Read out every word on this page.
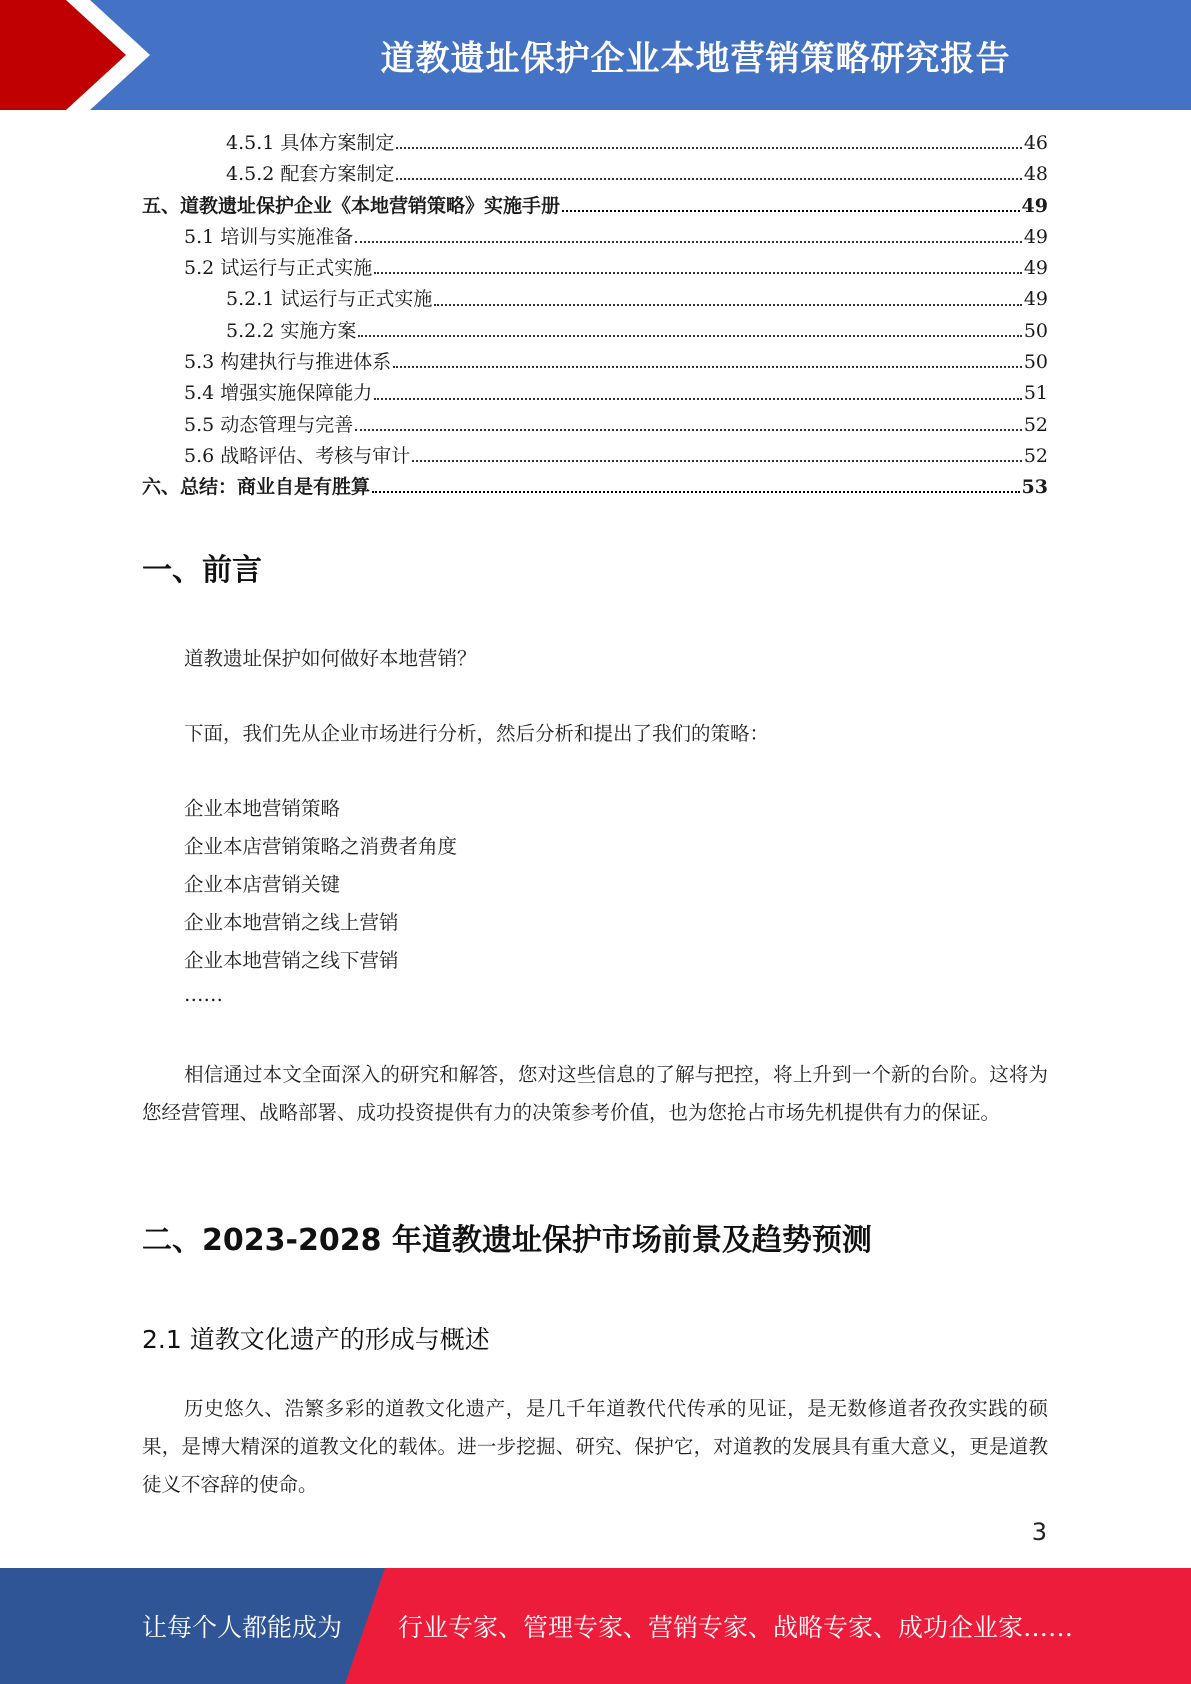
道教遗址保护企业本地营销策略研究报告
4.5.1 具体方案制定	46
4.5.2 配套方案制定	48
五、道教遗址保护企业《本地营销策略》实施手册	49
5.1 培训与实施准备	49
5.2 试运行与正式实施	49
5.2.1 试运行与正式实施	49
5.2.2 实施方案	50
5.3 构建执行与推进体系	50
5.4 增强实施保障能力	51
5.5 动态管理与完善	52
5.6 战略评估、考核与审计	52
六、总结：商业自是有胜算	53
一、前言
道教遗址保护如何做好本地营销？
下面，我们先从企业市场进行分析，然后分析和提出了我们的策略：
企业本地营销策略
企业本店营销策略之消费者角度
企业本店营销关键
企业本地营销之线上营销
企业本地营销之线下营销
……

相信通过本文全面深入的研究和解答，您对这些信息的了解与把控，将上升到一个新的台阶。这将为您经营管理、战略部署、成功投资提供有力的决策参考价值，也为您抢占市场先机提供有力的保证。

二、2023-2028 年道教遗址保护市场前景及趋势预测
2.1 道教文化遗产的形成与概述

历史悠久、浩繁多彩的道教文化遗产，是几千年道教代代传承的见证，是无数修道者孜孜实践的硕果，是博大精深的道教文化的载体。进一步挖掘、研究、保护它，对道教的发展具有重大意义，更是道教徒义不容辞的使命。

3
让每个人都能成为 行业专家、管理专家、营销专家、战略专家、成功企业家……
